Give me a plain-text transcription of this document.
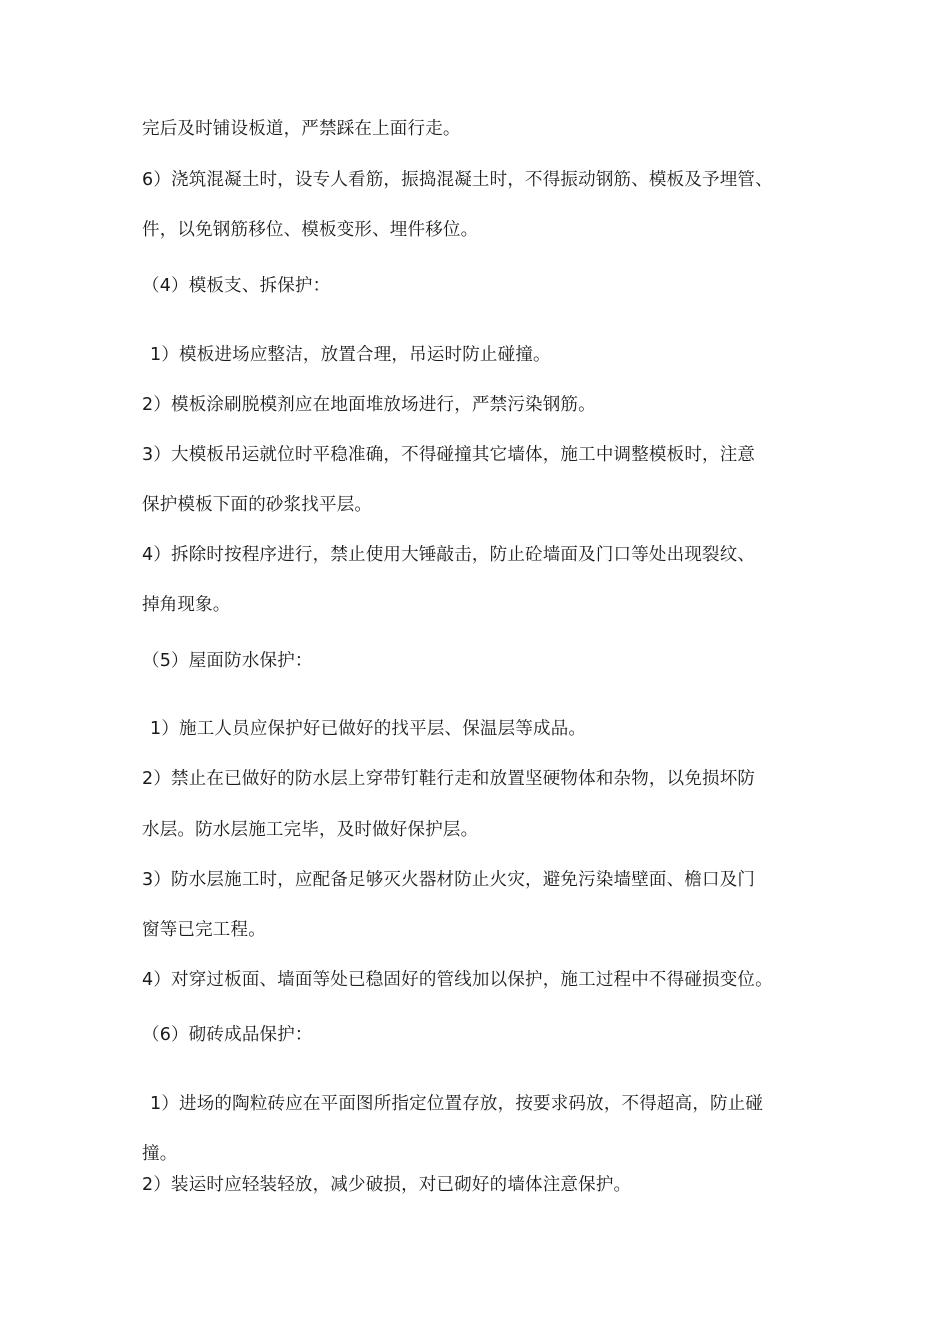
完后及时铺设板道，严禁踩在上面行走。
6）浇筑混凝土时，设专人看筋，振捣混凝土时，不得振动钢筋、模板及予埋管、
件，以免钢筋移位、模板变形、埋件移位。
（4）模板支、拆保护：
1）模板进场应整洁，放置合理，吊运时防止碰撞。
2）模板涂刷脱模剂应在地面堆放场进行，严禁污染钢筋。
3）大模板吊运就位时平稳准确，不得碰撞其它墙体，施工中调整模板时，注意
保护模板下面的砂浆找平层。
4）拆除时按程序进行，禁止使用大锤敲击，防止砼墙面及门口等处出现裂纹、
掉角现象。
（5）屋面防水保护：
1）施工人员应保护好已做好的找平层、保温层等成品。
2）禁止在已做好的防水层上穿带钉鞋行走和放置坚硬物体和杂物，以免损坏防
水层。防水层施工完毕，及时做好保护层。
3）防水层施工时，应配备足够灭火器材防止火灾，避免污染墙壁面、檐口及门
窗等已完工程。
4）对穿过板面、墙面等处已稳固好的管线加以保护，施工过程中不得碰损变位。
（6）砌砖成品保护：
1）进场的陶粒砖应在平面图所指定位置存放，按要求码放，不得超高，防止碰
撞。
2）装运时应轻装轻放，减少破损，对已砌好的墙体注意保护。
